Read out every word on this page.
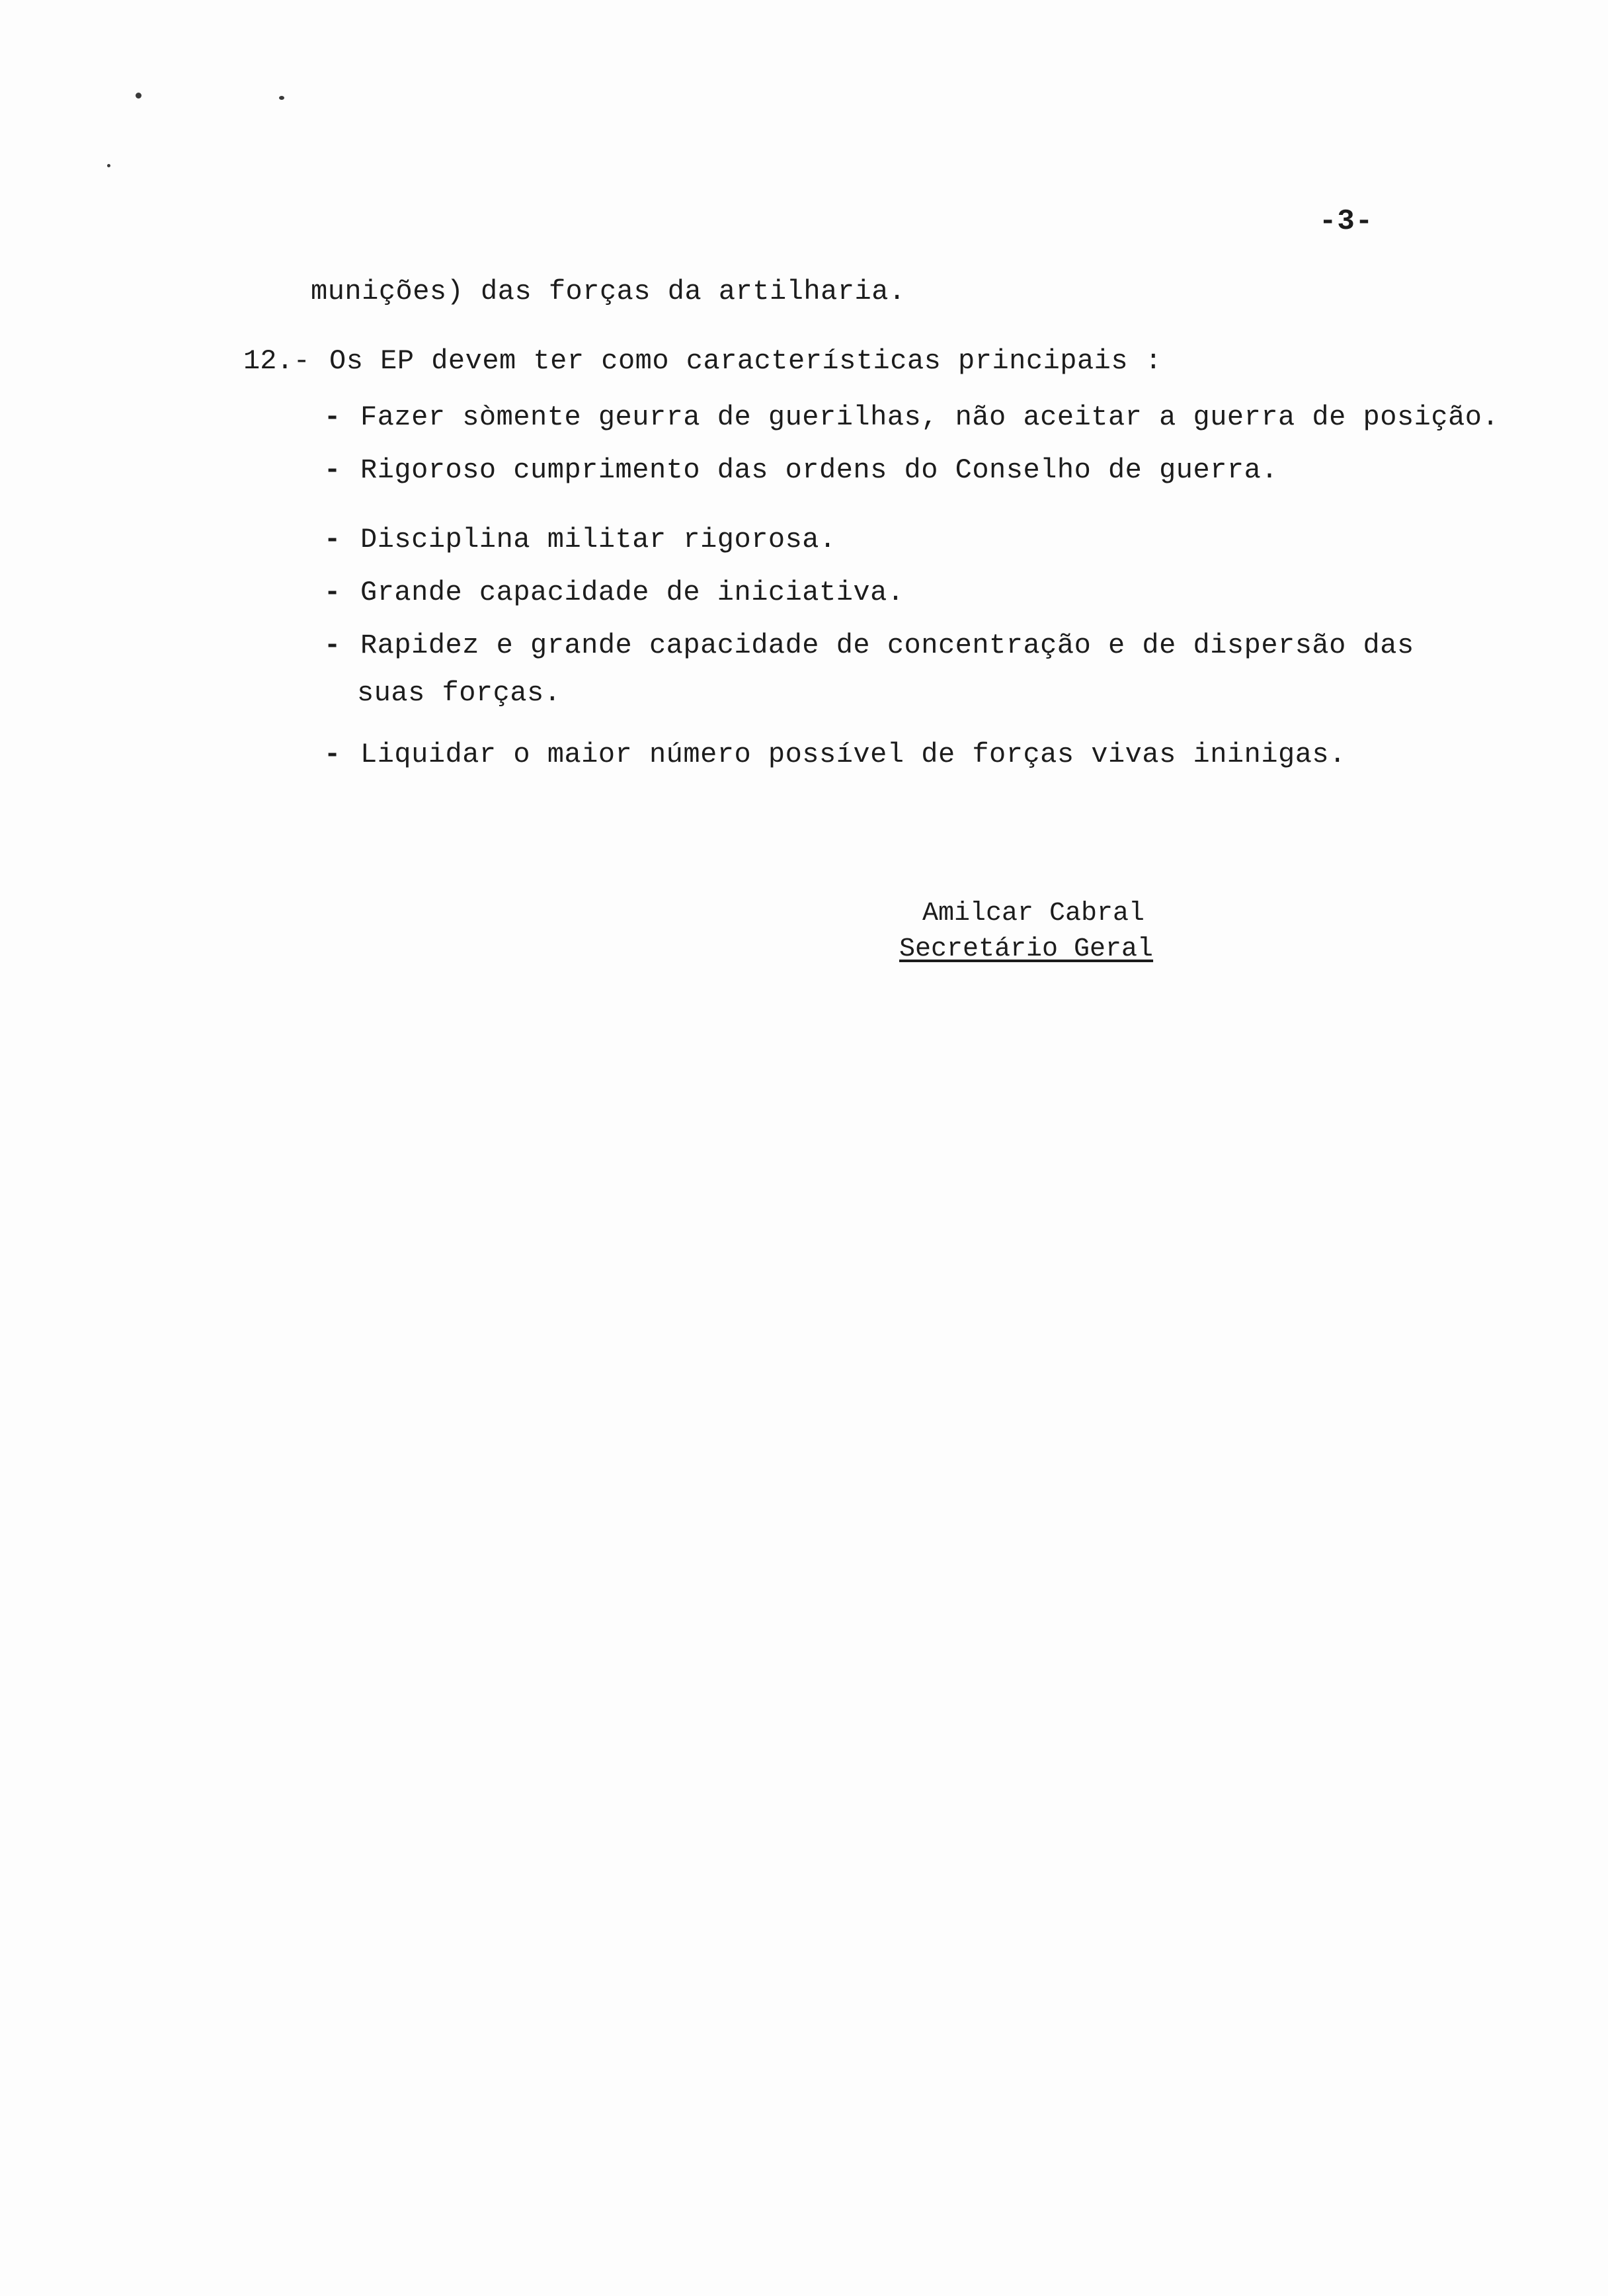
-3-
munições) das forças da artilharia.
12.- Os EP devem ter como características principais :
- Fazer sòmente geurra de guerilhas, não aceitar a guerra de posição.
- Rigoroso cumprimento das ordens do Conselho de guerra.
- Disciplina militar rigorosa.
- Grande capacidade de iniciativa.
- Rapidez e grande capacidade de concentração e de dispersão das
suas forças.
- Liquidar o maior número possível de forças vivas ininigas.
Amilcar Cabral
Secretário Geral
